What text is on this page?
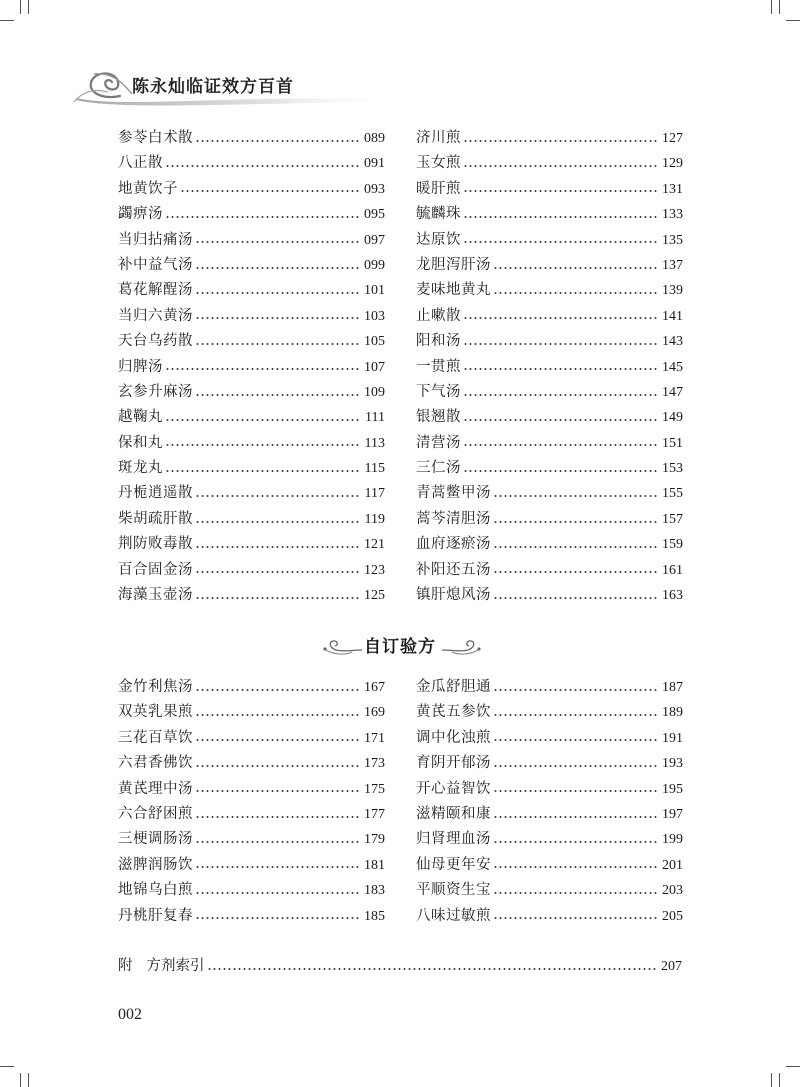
陈永灿临证效方百首
参苓白术散	089
八正散	091
地黄饮子	093
蠲痹汤	095
当归拈痛汤	097
补中益气汤	099
葛花解酲汤	101
当归六黄汤	103
天台乌药散	105
归脾汤	107
玄参升麻汤	109
越鞠丸	111
保和丸	113
斑龙丸	115
丹栀逍遥散	117
柴胡疏肝散	119
荆防败毒散	121
百合固金汤	123
海藻玉壶汤	125
济川煎	127
玉女煎	129
暖肝煎	131
毓麟珠	133
达原饮	135
龙胆泻肝汤	137
麦味地黄丸	139
止嗽散	141
阳和汤	143
一贯煎	145
下气汤	147
银翘散	149
清营汤	151
三仁汤	153
青蒿鳖甲汤	155
蒿芩清胆汤	157
血府逐瘀汤	159
补阳还五汤	161
镇肝熄风汤	163
自订验方
金竹利焦汤	167
双英乳果煎	169
三花百草饮	171
六君香佛饮	173
黄芪理中汤	175
六合舒困煎	177
三梗调肠汤	179
滋脾润肠饮	181
地锦乌白煎	183
丹桃肝复春	185
金瓜舒胆通	187
黄芪五参饮	189
调中化浊煎	191
育阴开郁汤	193
开心益智饮	195
滋精颐和康	197
归肾理血汤	199
仙母更年安	201
平顺资生宝	203
八味过敏煎	205
附 方剂索引	207
002
